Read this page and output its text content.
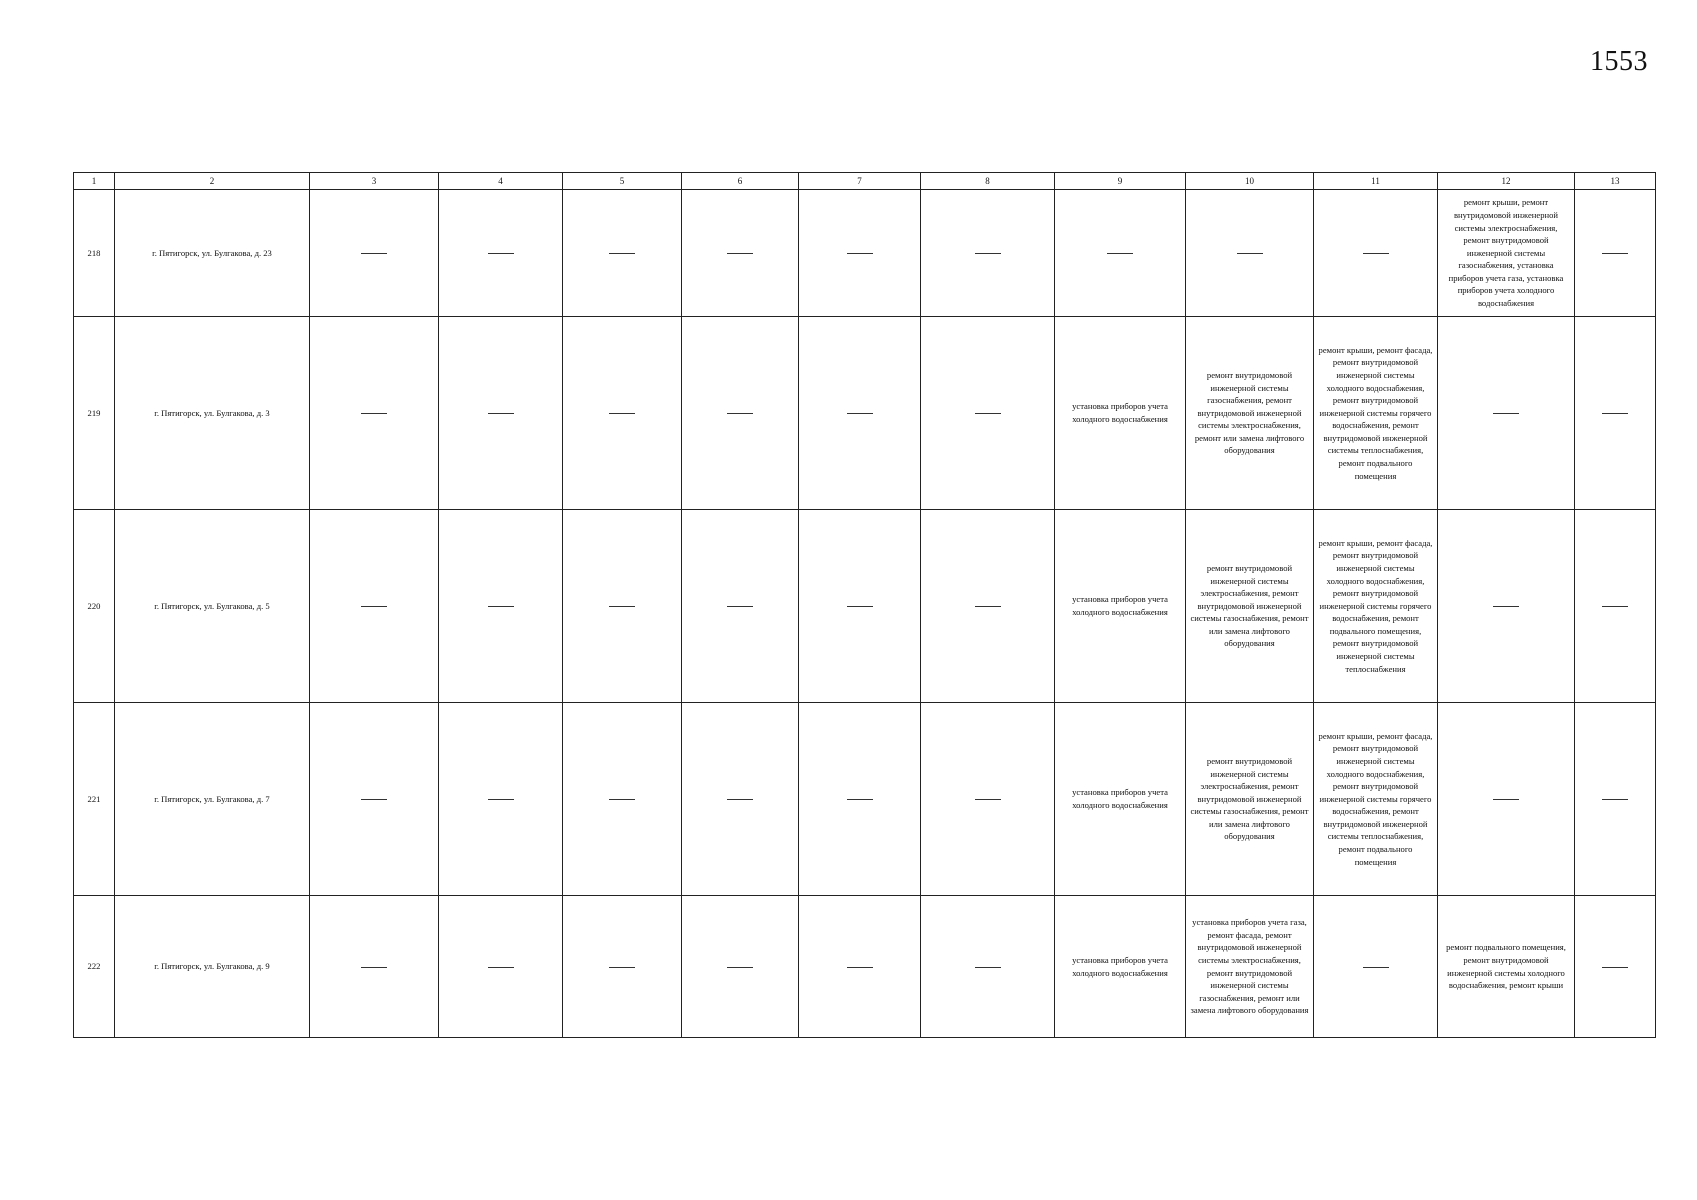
1553
1	2	3	4	5	6	7	8	9	10	11	12	13
218	г. Пятигорск, ул. Булгакова, д. 23										ремонт крыши, ремонт внутридомовой инженерной системы электроснабжения, ремонт внутридомовой инженерной системы газоснабжения, установка приборов учета газа, установка приборов учета холодного водоснабжения	
219	г. Пятигорск, ул. Булгакова, д. 3							установка приборов учета холодного водоснабжения	ремонт внутридомовой инженерной системы газоснабжения, ремонт внутридомовой инженерной системы электроснабжения, ремонт или замена лифтового оборудования	ремонт крыши, ремонт фасада, ремонт внутридомовой инженерной системы холодного водоснабжения, ремонт внутридомовой инженерной системы горячего водоснабжения, ремонт внутридомовой инженерной системы теплоснабжения, ремонт подвального помещения		
220	г. Пятигорск, ул. Булгакова, д. 5							установка приборов учета холодного водоснабжения	ремонт внутридомовой инженерной системы электроснабжения, ремонт внутридомовой инженерной системы газоснабжения, ремонт или замена лифтового оборудования	ремонт крыши, ремонт фасада, ремонт внутридомовой инженерной системы холодного водоснабжения, ремонт внутридомовой инженерной системы горячего водоснабжения, ремонт подвального помещения, ремонт внутридомовой инженерной системы теплоснабжения		
221	г. Пятигорск, ул. Булгакова, д. 7							установка приборов учета холодного водоснабжения	ремонт внутридомовой инженерной системы электроснабжения, ремонт внутридомовой инженерной системы газоснабжения, ремонт или замена лифтового оборудования	ремонт крыши, ремонт фасада, ремонт внутридомовой инженерной системы холодного водоснабжения, ремонт внутридомовой инженерной системы горячего водоснабжения, ремонт внутридомовой инженерной системы теплоснабжения, ремонт подвального помещения		
222	г. Пятигорск, ул. Булгакова, д. 9							установка приборов учета холодного водоснабжения	установка приборов учета газа, ремонт фасада, ремонт внутридомовой инженерной системы электроснабжения, ремонт внутридомовой инженерной системы газоснабжения, ремонт или замена лифтового оборудования		ремонт подвального помещения, ремонт внутридомовой инженерной системы холодного водоснабжения, ремонт крыши	
